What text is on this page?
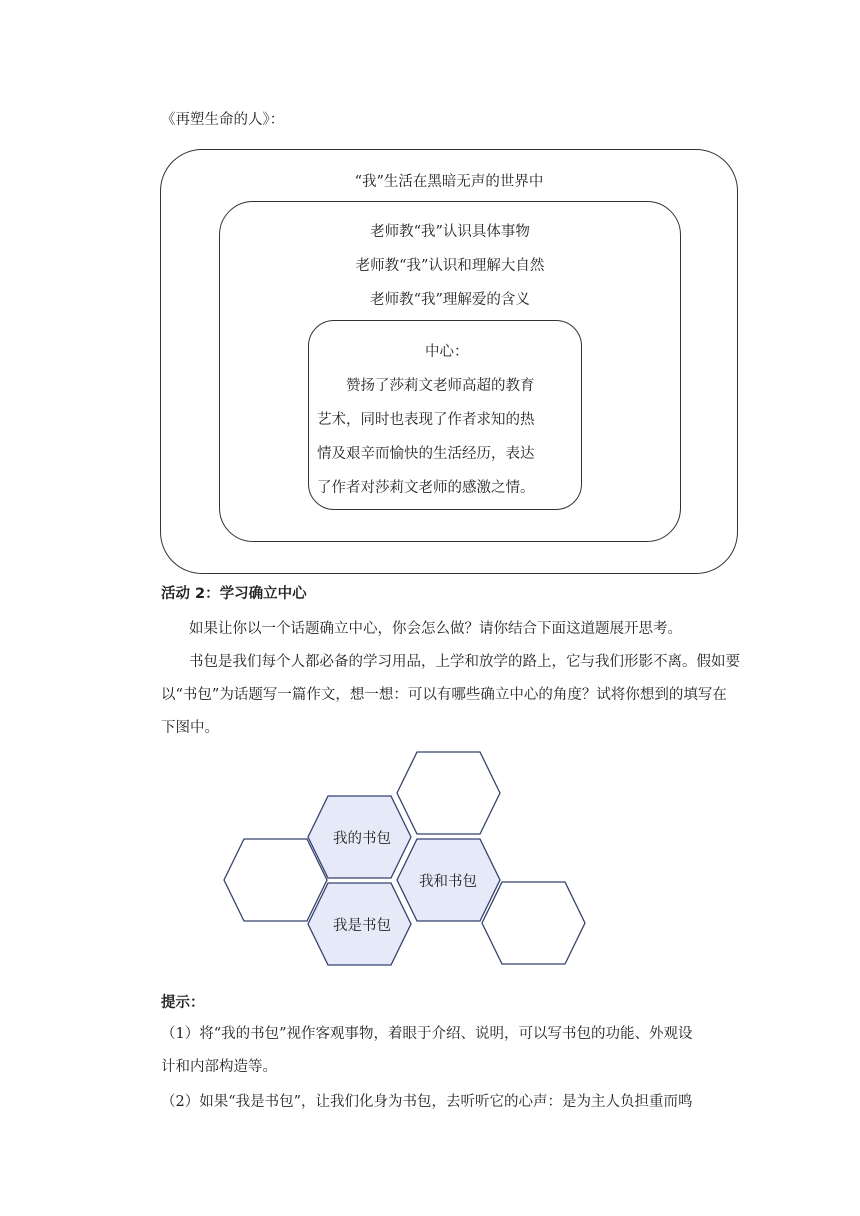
《再塑生命的人》：
“我”生活在黑暗无声的世界中
老师教“我”认识具体事物
老师教“我”认识和理解大自然
老师教“我”理解爱的含义
中心：
赞扬了莎莉文老师高超的教育
艺术，同时也表现了作者求知的热
情及艰辛而愉快的生活经历，表达
了作者对莎莉文老师的感激之情。
活动 2：学习确立中心
如果让你以一个话题确立中心，你会怎么做？请你结合下面这道题展开思考。
书包是我们每个人都必备的学习用品，上学和放学的路上，它与我们形影不离。假如要
以“书包”为话题写一篇作文，想一想：可以有哪些确立中心的角度？试将你想到的填写在
下图中。
我的书包
我和书包
我是书包
提示：
（1）将“我的书包”视作客观事物，着眼于介绍、说明，可以写书包的功能、外观设
计和内部构造等。
（2）如果“我是书包”，让我们化身为书包，去听听它的心声：是为主人负担重而鸣
